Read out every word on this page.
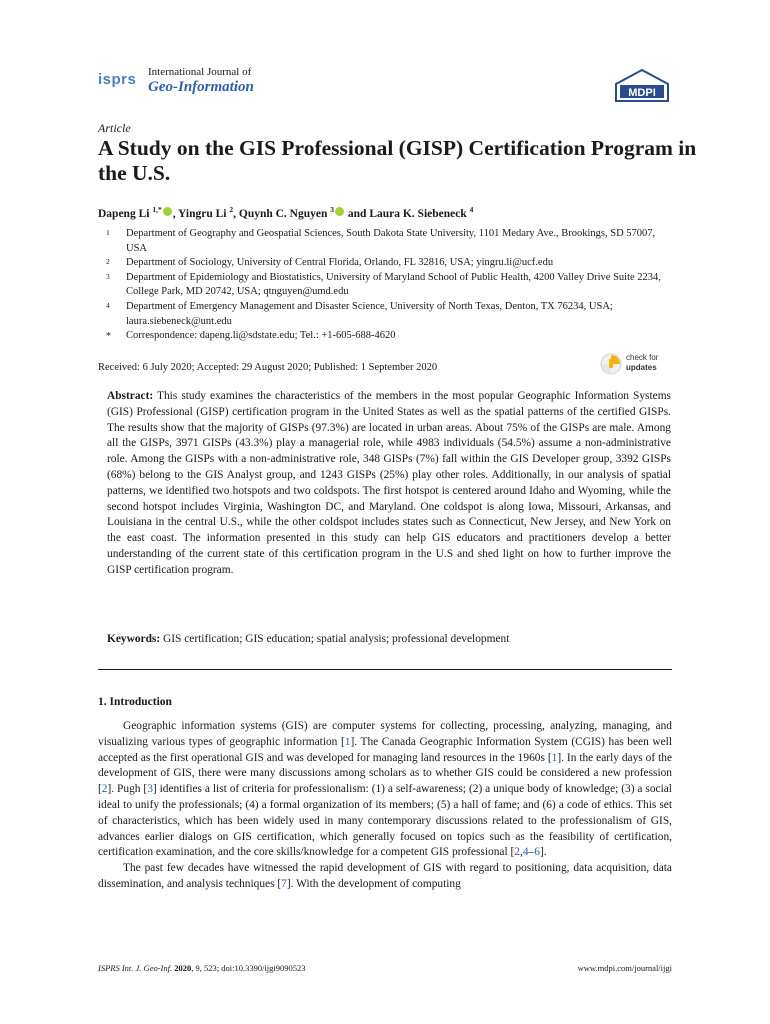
isprs International Journal of
Geo-Information	MDPI
Article
A Study on the GIS Professional (GISP) Certification Program in the U.S.
Dapeng Li $^{1,*}$ , Yingru Li $^2$, Quynh C. Nguyen $^3$ and Laura K. Siebeneck $^4$
1 Department of Geography and Geospatial Sciences, South Dakota State University, 1101 Medary Ave., Brookings, SD 57007, USA
2 Department of Sociology, University of Central Florida, Orlando, FL 32816, USA; yingru.li@ucf.edu
3 Department of Epidemiology and Biostatistics, University of Maryland School of Public Health, 4200 Valley Drive Suite 2234, College Park, MD 20742, USA; qtnguyen@umd.edu
4 Department of Emergency Management and Disaster Science, University of North Texas, Denton, TX 76234, USA; laura.siebeneck@unt.edu
* Correspondence: dapeng.li@sdstate.edu; Tel.: +1-605-688-4620
Received: 6 July 2020; Accepted: 29 August 2020; Published: 1 September 2020
check for
updates
Abstract: This study examines the characteristics of the members in the most popular Geographic Information Systems (GIS) Professional (GISP) certification program in the United States as well as the spatial patterns of the certified GISPs. The results show that the majority of GISPs (97.3%) are located in urban areas. About 75% of the GISPs are male. Among all the GISPs, 3971 GISPs (43.3%) play a managerial role, while 4983 individuals (54.5%) assume a non-administrative role. Among the GISPs with a non-administrative role, 348 GISPs (7%) fall within the GIS Developer group, 3392 GISPs (68%) belong to the GIS Analyst group, and 1243 GISPs (25%) play other roles. Additionally, in our analysis of spatial patterns, we identified two hotspots and two coldspots. The first hotspot is centered around Idaho and Wyoming, while the second hotspot includes Virginia, Washington DC, and Maryland. One coldspot is along Iowa, Missouri, Arkansas, and Louisiana in the central U.S., while the other coldspot includes states such as Connecticut, New Jersey, and New York on the east coast. The information presented in this study can help GIS educators and practitioners develop a better understanding of the current state of this certification program in the U.S and shed light on how to further improve the GISP certification program.
Keywords: GIS certification; GIS education; spatial analysis; professional development
1. Introduction

Geographic information systems (GIS) are computer systems for collecting, processing, analyzing, managing, and visualizing various types of geographic information [1]. The Canada Geographic Information System (CGIS) has been well accepted as the first operational GIS and was developed for managing land resources in the 1960s [1]. In the early days of the development of GIS, there were many discussions among scholars as to whether GIS could be considered a new profession [2]. Pugh [3] identifies a list of criteria for professionalism: (1) a self-awareness; (2) a unique body of knowledge; (3) a social ideal to unify the professionals; (4) a formal organization of its members; (5) a hall of fame; and (6) a code of ethics. This set of characteristics, which has been widely used in many contemporary discussions related to the professionalism of GIS, advances earlier dialogs on GIS certification, which generally focused on topics such as the feasibility of certification, certification examination, and the core skills/knowledge for a competent GIS professional [2,4–6].

The past few decades have witnessed the rapid development of GIS with regard to positioning, data acquisition, data dissemination, and analysis techniques [7]. With the development of computing

ISPRS Int. J. Geo-Inf. 2020, 9, 523; doi:10.3390/ijgi9090523	www.mdpi.com/journal/ijgi
